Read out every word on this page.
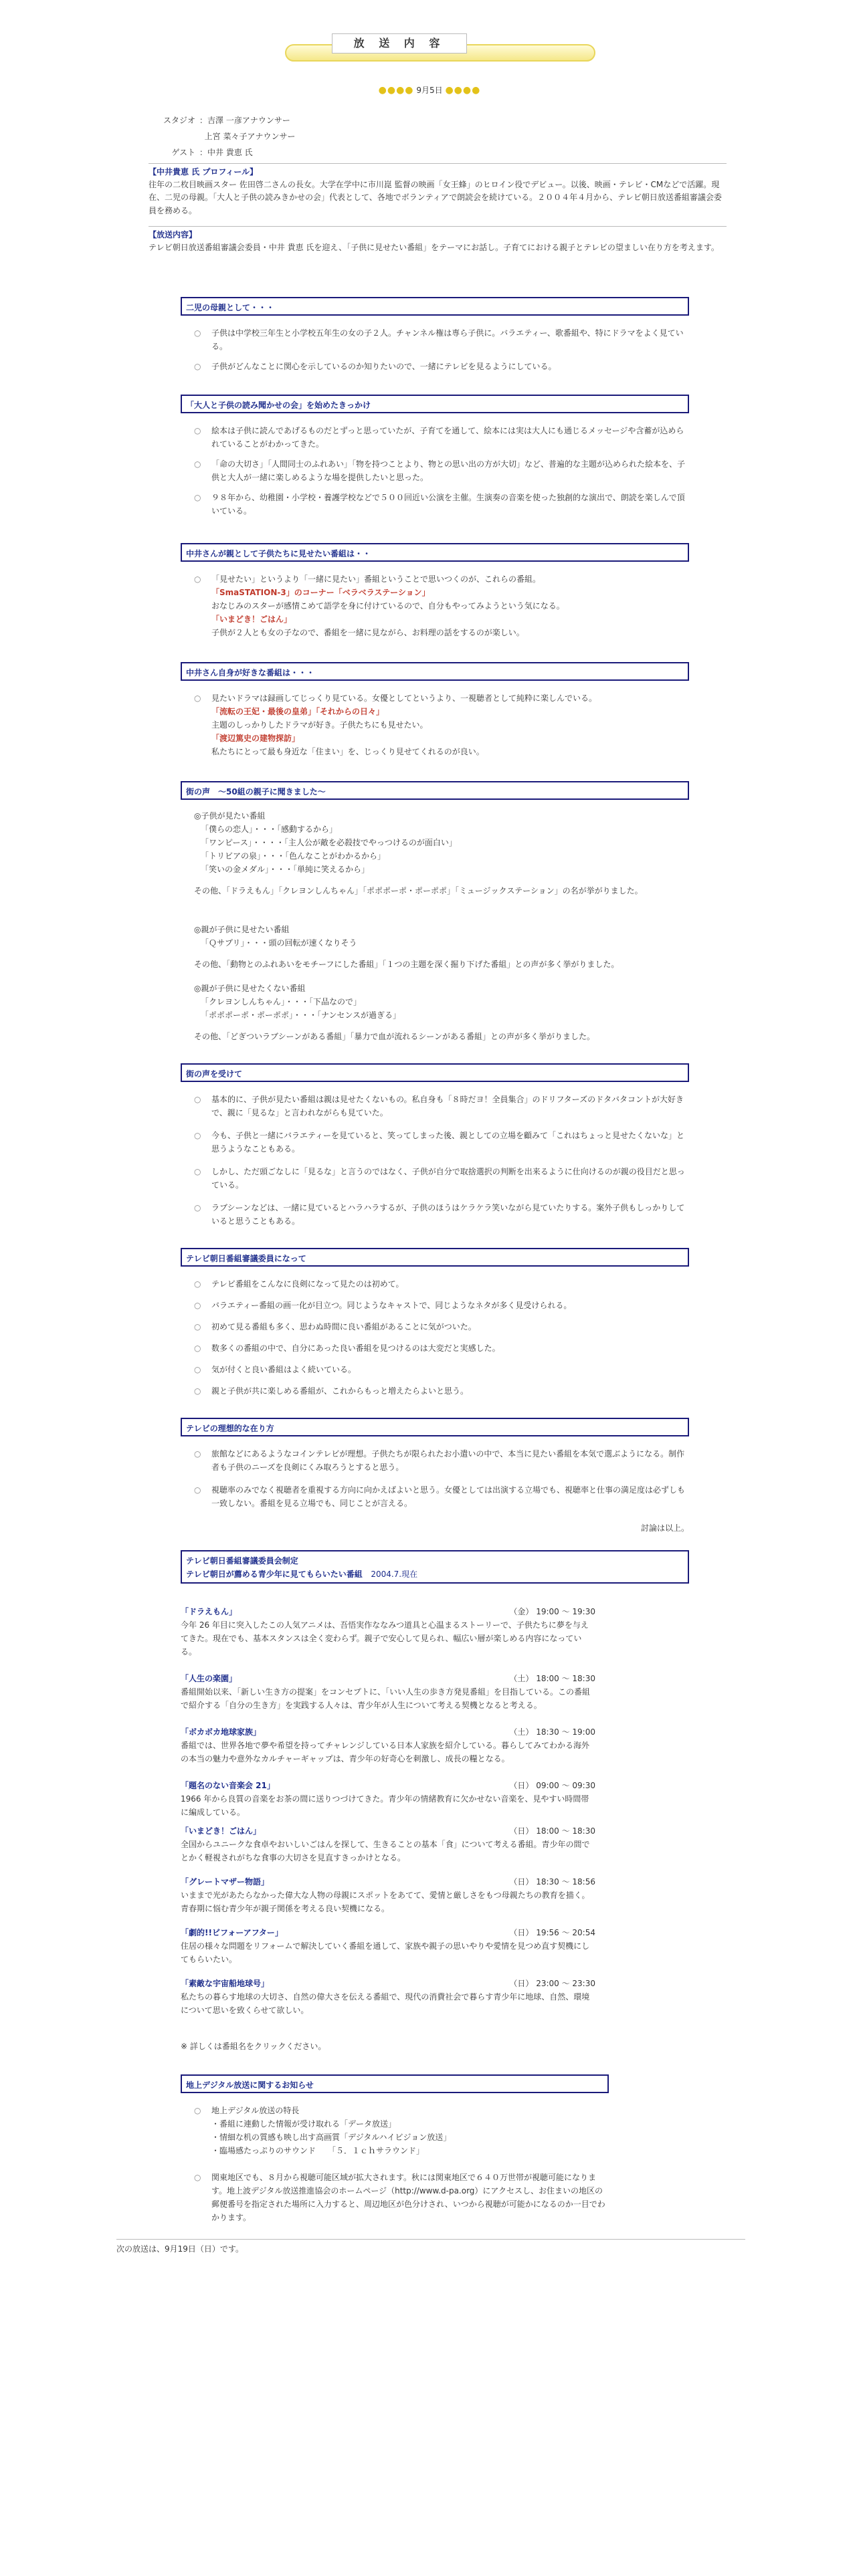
放 送 内 容
●●●● 9月5日 ●●●●
スタジオ ：吉澤 一彦アナウンサー
上宮 菜々子アナウンサー
ゲスト ：中井 貴恵 氏
【中井貴恵 氏 プロフィール】
往年の二枚目映画スター 佐田啓二さんの長女。大学在学中に市川崑 監督の映画「女王蜂」のヒロイン役でデビュー。以後、映画・テレビ・CMなどで活躍。現在、二児の母親。「大人と子供の読みきかせの会」代表として、各地でボランティアで朗読会を続けている。２００４年４月から、テレビ朝日放送番組審議会委員を務める。
【放送内容】
テレビ朝日放送番組審議会委員・中井 貴恵 氏を迎え、「子供に見せたい番組」をテーマにお話し。子育てにおける親子とテレビの望ましい在り方を考えます。
二児の母親として・・・
○ 子供は中学校三年生と小学校五年生の女の子２人。チャンネル権は専ら子供に。バラエティー、歌番組や、特にドラマをよく見ている。
○ 子供がどんなことに関心を示しているのか知りたいので、一緒にテレビを見るようにしている。
「大人と子供の読み聞かせの会」を始めたきっかけ
○ 絵本は子供に読んであげるものだとずっと思っていたが、子育てを通して、絵本には実は大人にも通じるメッセージや含蓄が込められていることがわかってきた。
○ 「命の大切さ」「人間同士のふれあい」「物を持つことより、物との思い出の方が大切」など、普遍的な主題が込められた絵本を、子供と大人が一緒に楽しめるような場を提供したいと思った。
○ ９８年から、幼稚園・小学校・養護学校などで５００回近い公演を主催。生演奏の音楽を使った独創的な演出で、朗読を楽しんで頂いている。
中井さんが親として子供たちに見せたい番組は・・
○ 「見せたい」というより「一緒に見たい」番組ということで思いつくのが、これらの番組。
「SmaSTATION-3」のコーナー「ベラベラステーション」
おなじみのスターが感情こめて語学を身に付けているので、自分もやってみようという気になる。
「いまどき！ごはん」
子供が２人とも女の子なので、番組を一緒に見ながら、お料理の話をするのが楽しい。
中井さん自身が好きな番組は・・・
○ 見たいドラマは録画してじっくり見ている。女優としてというより、一視聴者として純粋に楽しんでいる。
「流転の王妃・最後の皇弟」「それからの日々」
主題のしっかりしたドラマが好き。子供たちにも見せたい。
「渡辺篤史の建物探訪」
私たちにとって最も身近な「住まい」を、じっくり見せてくれるのが良い。
街の声　〜50組の親子に聞きました〜
◎子供が見たい番組
「僕らの恋人」・・・「感動するから」
「ワンピース」・・・・「主人公が敵を必殺技でやっつけるのが面白い」
「トリビアの泉」・・・「色んなことがわかるから」
「笑いの金メダル」・・・「単純に笑えるから」
その他、「ドラえもん」「クレヨンしんちゃん」「ポポポーポ・ポーポポ」「ミュージックステーション」の名が挙がりました。
◎親が子供に見せたい番組
「Ｑサプリ」・・・頭の回転が速くなりそう
その他、「動物とのふれあいをモチーフにした番組」「１つの主題を深く掘り下げた番組」との声が多く挙がりました。
◎親が子供に見せたくない番組
「クレヨンしんちゃん」・・・「下品なので」
「ポポポーポ・ポーポポ」・・・「ナンセンスが過ぎる」
その他、「どぎついラブシーンがある番組」「暴力で血が流れるシーンがある番組」との声が多く挙がりました。
街の声を受けて
○ 基本的に、子供が見たい番組は親は見せたくないもの。私自身も「８時だヨ！全員集合」のドリフターズのドタバタコントが大好きで、親に「見るな」と言われながらも見ていた。
○ 今も、子供と一緒にバラエティーを見ていると、笑ってしまった後、親としての立場を顧みて「これはちょっと見せたくないな」と思うようなこともある。
○ しかし、ただ頭ごなしに「見るな」と言うのではなく、子供が自分で取捨選択の判断を出来るように仕向けるのが親の役目だと思っている。
○ ラブシーンなどは、一緒に見ているとハラハラするが、子供のほうはケラケラ笑いながら見ていたりする。案外子供もしっかりしていると思うこともある。
テレビ朝日番組審議委員になって
○ テレビ番組をこんなに良剣になって見たのは初めて。
○ バラエティー番組の画一化が目立つ。同じようなキャストで、同じようなネタが多く見受けられる。
○ 初めて見る番組も多く、思わぬ時間に良い番組があることに気がついた。
○ 数多くの番組の中で、自分にあった良い番組を見つけるのは大変だと実感した。
○ 気が付くと良い番組はよく続いている。
○ 親と子供が共に楽しめる番組が、これからもっと増えたらよいと思う。
テレビの理想的な在り方
○ 旅館などにあるようなコインテレビが理想。子供たちが限られたお小遣いの中で、本当に見たい番組を本気で選ぶようになる。制作者も子供のニーズを良剣にくみ取ろうとすると思う。
○ 視聴率のみでなく視聴者を重視する方向に向かえばよいと思う。女優としては出演する立場でも、視聴率と仕事の満足度は必ずしも一致しない。番組を見る立場でも、同じことが言える。
討論は以上。
テレビ朝日番組審議委員会制定
テレビ朝日が薦める青少年に見てもらいたい番組 2004.7.現在
「ドラえもん」	（金） 19:00 〜 19:30
今年 26 年目に突入したこの人気アニメは、吾悟実作ななみつ道具と心温まるストーリーで、子供たちに夢を与えてきた。現在でも、基本スタンスは全く変わらず。親子で安心して見られ、幅広い層が楽しめる内容になっている。
「人生の楽園」	（土） 18:00 〜 18:30
番組開始以来、「新しい生き方の提案」をコンセプトに、「いい人生の歩き方発見番組」を目指している。この番組で紹介する「自分の生き方」を実践する人々は、青少年が人生について考える契機となると考える。
「ボカボカ地球家族」	（土） 18:30 〜 19:00
番組では、世界各地で夢や希望を持ってチャレンジしている日本人家族を紹介している。暮らしてみてわかる海外の本当の魅力や意外なカルチャーギャップは、青少年の好奇心を刺激し、成長の糧となる。
「題名のない音楽会 21」	（日） 09:00 〜 09:30
1966 年から良質の音楽をお茶の間に送りつづけてきた。青少年の情緒教育に欠かせない音楽を、見やすい時間帯に編成している。
「いまどき！ごはん」	（日） 18:00 〜 18:30
全国からユニークな食卓やおいしいごはんを探して、生きることの基本「食」について考える番組。青少年の間でとかく軽視されがちな食事の大切さを見直すきっかけとなる。
「グレートマザー物語」	（日） 18:30 〜 18:56
いままで光があたらなかった偉大な人物の母親にスポットをあてて、愛情と厳しさをもつ母親たちの教育を描く。青春期に悩む青少年が親子関係を考える良い契機になる。
「劇的!!ビフォーアフター」	（日） 19:56 〜 20:54
住居の様々な問題をリフォームで解決していく番組を通して、家族や親子の思いやりや愛情を見つめ直す契機にしてもらいたい。
「素敵な宇宙船地球号」	（日） 23:00 〜 23:30
私たちの暮らす地球の大切さ、自然の偉大さを伝える番組で、現代の消費社会で暮らす青少年に地球、自然、環境について思いを致くらせて欲しい。
※ 詳しくは番組名をクリックください。
地上デジタル放送に関するお知らせ
○ 地上デジタル放送の特長
・番組に連動した情報が受け取れる「データ放送」
・情細な机の質感も映し出す高画質「デジタルハイビジョン放送」
・臨場感たっぷりのサウンド　　「５．１ｃｈサラウンド」
○ 関東地区でも、８月から視聴可能区域が拡大されます。秋には関東地区で６４０万世帯が視聴可能になります。地上波デジタル放送推進協会のホームページ（http://www.d-pa.org）にアクセスし、お住まいの地区の郵便番号を指定された場所に入力すると、周辺地区が色分けされ、いつから視聴が可能かになるのか一目でわかります。
次の放送は、9月19日（日）です。
